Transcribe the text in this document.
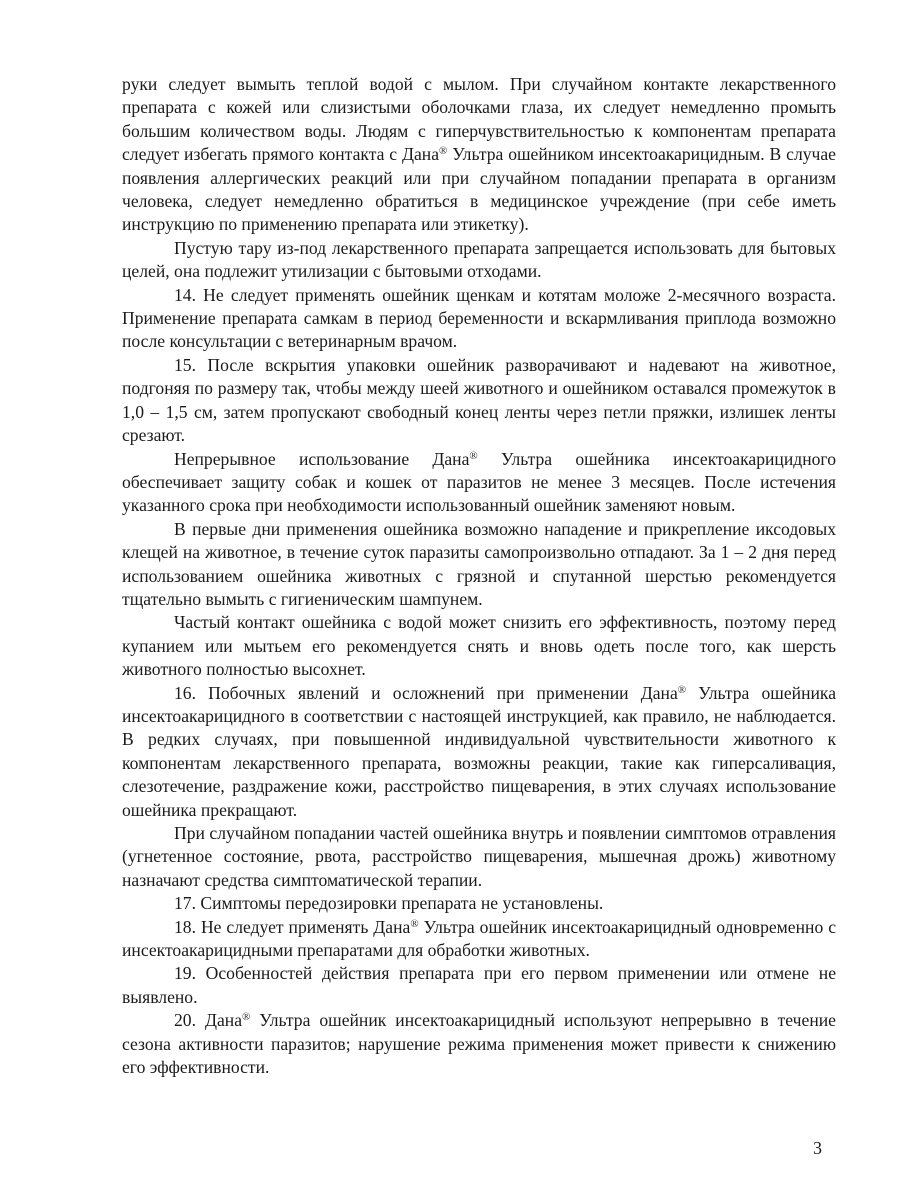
руки следует вымыть теплой водой с мылом. При случайном контакте лекарственного препарата с кожей или слизистыми оболочками глаза, их следует немедленно промыть большим количеством воды. Людям с гиперчувствительностью к компонентам препарата следует избегать прямого контакта с Дана® Ультра ошейником инсектоакарицидным. В случае появления аллергических реакций или при случайном попадании препарата в организм человека, следует немедленно обратиться в медицинское учреждение (при себе иметь инструкцию по применению препарата или этикетку).

Пустую тару из-под лекарственного препарата запрещается использовать для бытовых целей, она подлежит утилизации с бытовыми отходами.

14. Не следует применять ошейник щенкам и котятам моложе 2-месячного возраста. Применение препарата самкам в период беременности и вскармливания приплода возможно после консультации с ветеринарным врачом.

15. После вскрытия упаковки ошейник разворачивают и надевают на животное, подгоняя по размеру так, чтобы между шеей животного и ошейником оставался промежуток в 1,0 – 1,5 см, затем пропускают свободный конец ленты через петли пряжки, излишек ленты срезают.

Непрерывное использование Дана® Ультра ошейника инсектоакарицидного обеспечивает защиту собак и кошек от паразитов не менее 3 месяцев. После истечения указанного срока при необходимости использованный ошейник заменяют новым.

В первые дни применения ошейника возможно нападение и прикрепление иксодовых клещей на животное, в течение суток паразиты самопроизвольно отпадают. За 1 – 2 дня перед использованием ошейника животных с грязной и спутанной шерстью рекомендуется тщательно вымыть с гигиеническим шампунем.

Частый контакт ошейника с водой может снизить его эффективность, поэтому перед купанием или мытьем его рекомендуется снять и вновь одеть после того, как шерсть животного полностью высохнет.

16. Побочных явлений и осложнений при применении Дана® Ультра ошейника инсектоакарицидного в соответствии с настоящей инструкцией, как правило, не наблюдается. В редких случаях, при повышенной индивидуальной чувствительности животного к компонентам лекарственного препарата, возможны реакции, такие как гиперсаливация, слезотечение, раздражение кожи, расстройство пищеварения, в этих случаях использование ошейника прекращают.

При случайном попадании частей ошейника внутрь и появлении симптомов отравления (угнетенное состояние, рвота, расстройство пищеварения, мышечная дрожь) животному назначают средства симптоматической терапии.

17. Симптомы передозировки препарата не установлены.

18. Не следует применять Дана® Ультра ошейник инсектоакарицидный одновременно с инсектоакарицидными препаратами для обработки животных.

19. Особенностей действия препарата при его первом применении или отмене не выявлено.

20. Дана® Ультра ошейник инсектоакарицидный используют непрерывно в течение сезона активности паразитов; нарушение режима применения может привести к снижению его эффективности.

3
